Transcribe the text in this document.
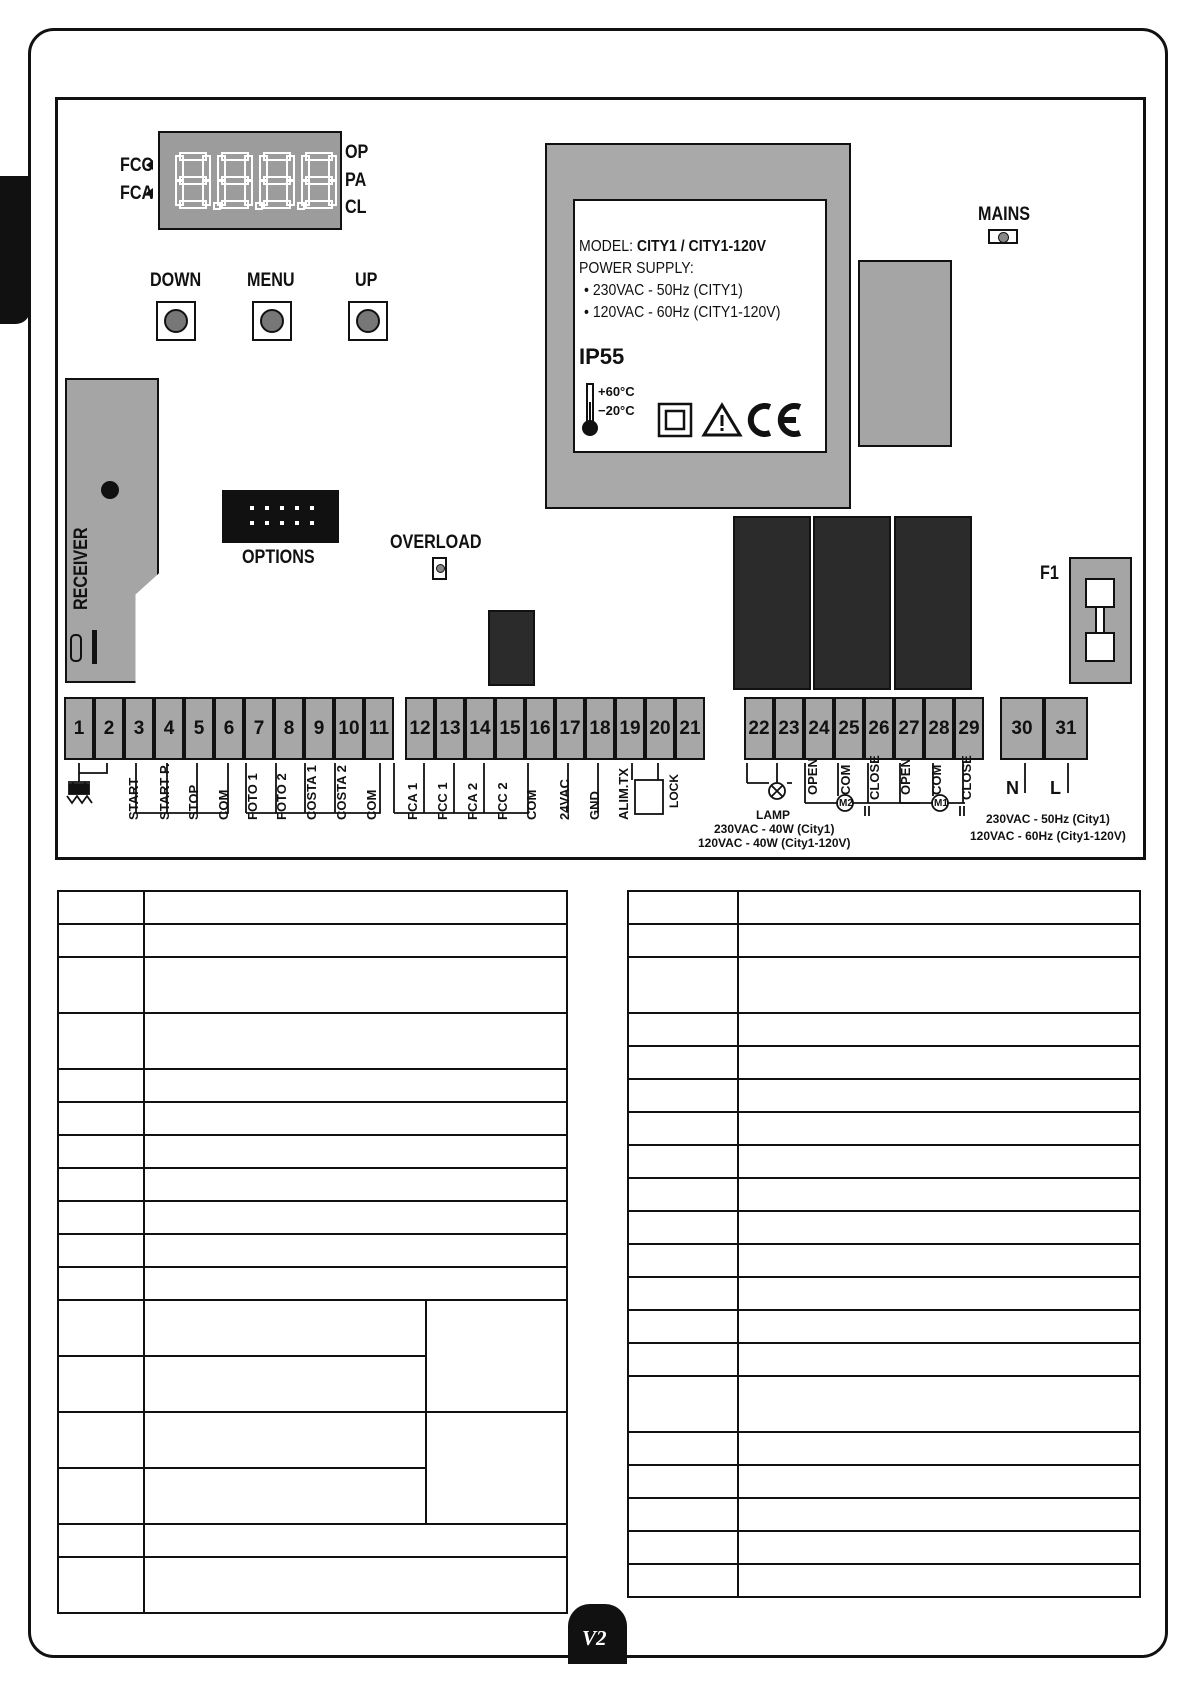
FCC
FCA
OP
PA
CL
DOWN MENU	UP
RECEIVER	OPTIONS
OVERLOAD
MODEL: CITY1 / CITY1-120V
POWER SUPPLY:
• 230VAC - 50Hz (CITY1)
• 120VAC - 60Hz (CITY1-120V)
IP55
+60°C
−20°C
MAINS
F1
1	2	3	4	5	6	7	8	9 10 11 12 13 14 15 16 17 18 19 20 21	22 23 24 25 26 27 28 29	30	31
START START P. STOP COM FOTO 1 FOTO 2 COSTA 1 COSTA 2 COM FCA 1 FCC 1 FCA 2 FCC 2 COM 24VAC GND ALIM.TX	OPEN COM CLOSE OPEN COM CLOSE
LOCK
LAMP
230VAC - 40W (City1)
120VAC - 40W (City1-120V)
N L
230VAC - 50Hz (City1)
120VAC - 60Hz (City1-120V)
M2	M1

V2
